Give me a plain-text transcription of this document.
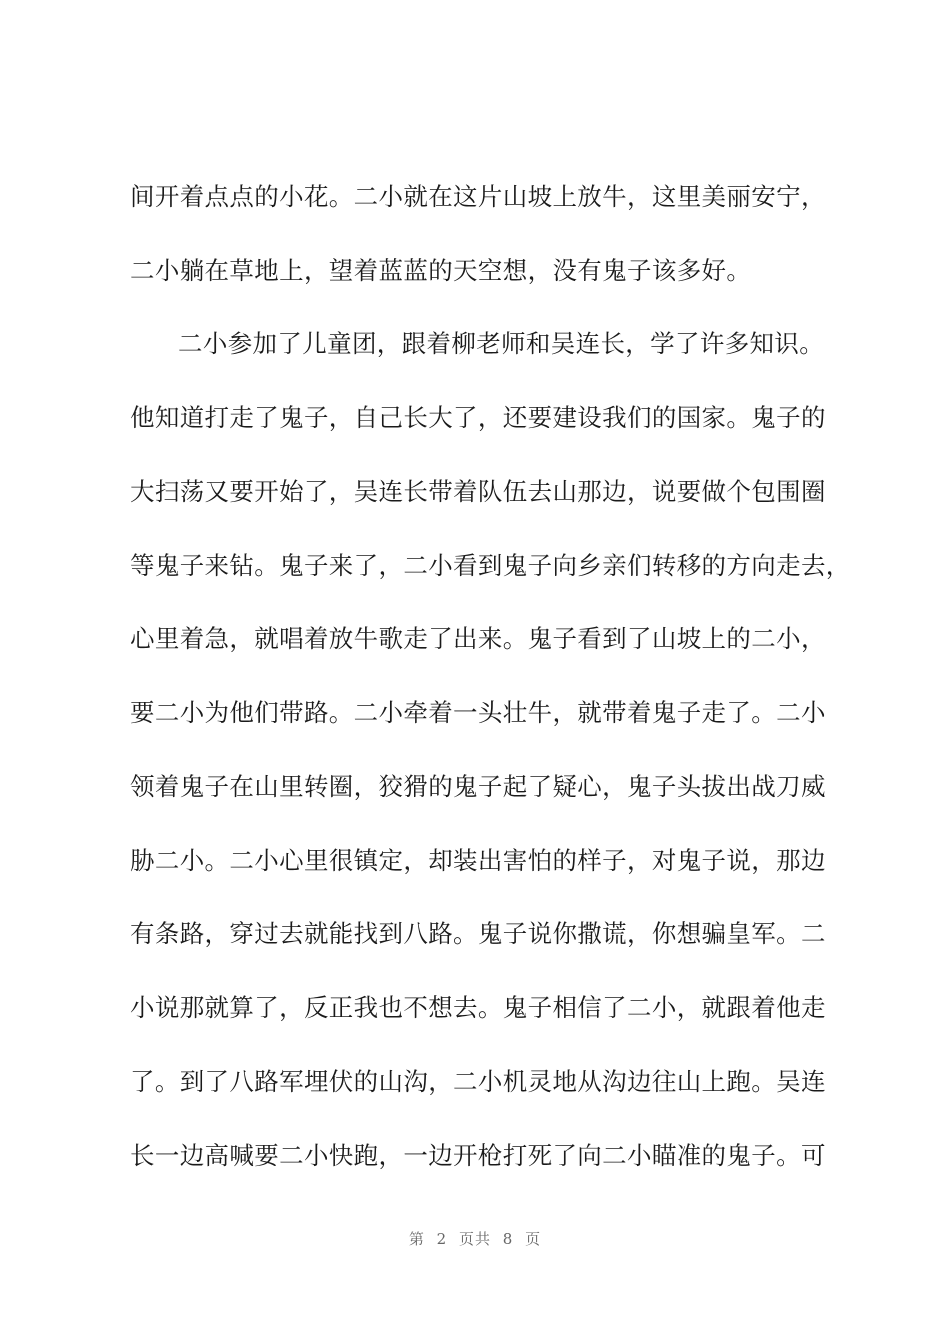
间开着点点的小花。二小就在这片山坡上放牛，这里美丽安宁，
二小躺在草地上，望着蓝蓝的天空想，没有鬼子该多好。
二小参加了儿童团，跟着柳老师和吴连长，学了许多知识。
他知道打走了鬼子，自己长大了，还要建设我们的国家。鬼子的
大扫荡又要开始了，吴连长带着队伍去山那边，说要做个包围圈
等鬼子来钻。鬼子来了，二小看到鬼子向乡亲们转移的方向走去，
心里着急，就唱着放牛歌走了出来。鬼子看到了山坡上的二小，
要二小为他们带路。二小牵着一头壮牛，就带着鬼子走了。二小
领着鬼子在山里转圈，狡猾的鬼子起了疑心，鬼子头拔出战刀威
胁二小。二小心里很镇定，却装出害怕的样子，对鬼子说，那边
有条路，穿过去就能找到八路。鬼子说你撒谎，你想骗皇军。二
小说那就算了，反正我也不想去。鬼子相信了二小，就跟着他走
了。到了八路军埋伏的山沟，二小机灵地从沟边往山上跑。吴连
长一边高喊要二小快跑，一边开枪打死了向二小瞄准的鬼子。可
第 2 页共 8 页
